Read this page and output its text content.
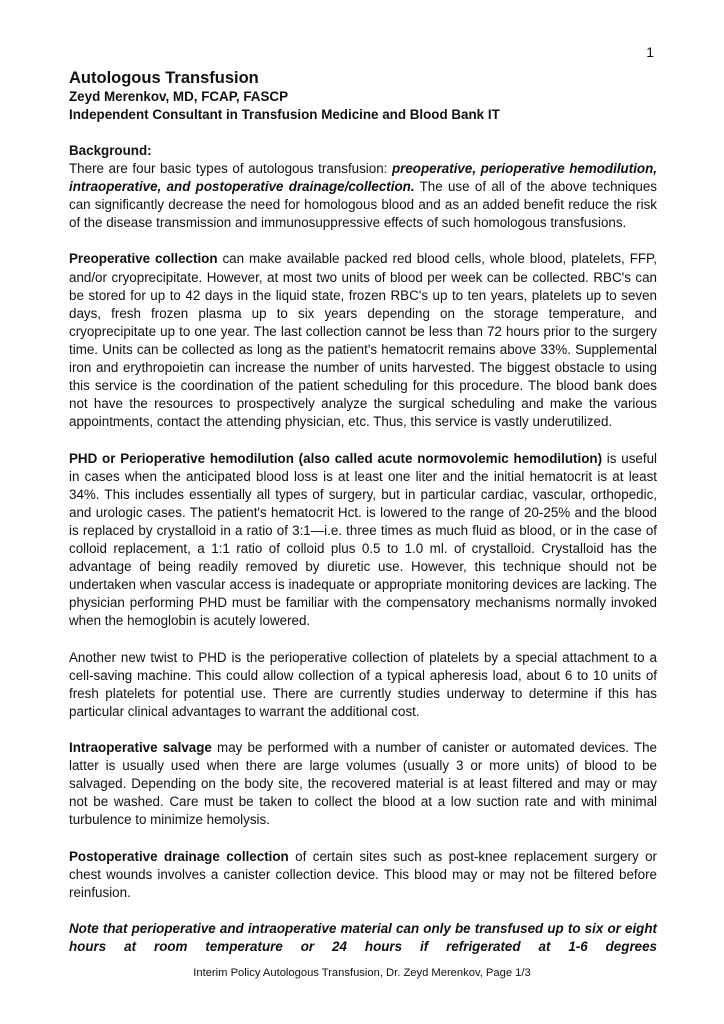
1
Autologous Transfusion
Zeyd Merenkov, MD, FCAP, FASCP
Independent Consultant in Transfusion Medicine and Blood Bank IT
Background:

There are four basic types of autologous transfusion: preoperative, perioperative hemodilution, intraoperative, and postoperative drainage/collection. The use of all of the above techniques can significantly decrease the need for homologous blood and as an added benefit reduce the risk of the disease transmission and immunosuppressive effects of such homologous transfusions.

Preoperative collection can make available packed red blood cells, whole blood, platelets, FFP, and/or cryoprecipitate. However, at most two units of blood per week can be collected. RBC's can be stored for up to 42 days in the liquid state, frozen RBC's up to ten years, platelets up to seven days, fresh frozen plasma up to six years depending on the storage temperature, and cryoprecipitate up to one year. The last collection cannot be less than 72 hours prior to the surgery time. Units can be collected as long as the patient's hematocrit remains above 33%. Supplemental iron and erythropoietin can increase the number of units harvested. The biggest obstacle to using this service is the coordination of the patient scheduling for this procedure. The blood bank does not have the resources to prospectively analyze the surgical scheduling and make the various appointments, contact the attending physician, etc. Thus, this service is vastly underutilized.

PHD or Perioperative hemodilution (also called acute normovolemic hemodilution) is useful in cases when the anticipated blood loss is at least one liter and the initial hematocrit is at least 34%. This includes essentially all types of surgery, but in particular cardiac, vascular, orthopedic, and urologic cases. The patient's hematocrit Hct. is lowered to the range of 20-25% and the blood is replaced by crystalloid in a ratio of 3:1—i.e. three times as much fluid as blood, or in the case of colloid replacement, a 1:1 ratio of colloid plus 0.5 to 1.0 ml. of crystalloid. Crystalloid has the advantage of being readily removed by diuretic use. However, this technique should not be undertaken when vascular access is inadequate or appropriate monitoring devices are lacking. The physician performing PHD must be familiar with the compensatory mechanisms normally invoked when the hemoglobin is acutely lowered.

Another new twist to PHD is the perioperative collection of platelets by a special attachment to a cell-saving machine. This could allow collection of a typical apheresis load, about 6 to 10 units of fresh platelets for potential use. There are currently studies underway to determine if this has particular clinical advantages to warrant the additional cost.

Intraoperative salvage may be performed with a number of canister or automated devices. The latter is usually used when there are large volumes (usually 3 or more units) of blood to be salvaged. Depending on the body site, the recovered material is at least filtered and may or may not be washed. Care must be taken to collect the blood at a low suction rate and with minimal turbulence to minimize hemolysis.

Postoperative drainage collection of certain sites such as post-knee replacement surgery or chest wounds involves a canister collection device. This blood may or may not be filtered before reinfusion.

Note that perioperative and intraoperative material can only be transfused up to six or eight hours at room temperature or 24 hours if refrigerated at 1-6 degrees

Interim Policy Autologous Transfusion, Dr. Zeyd Merenkov, Page 1/3
